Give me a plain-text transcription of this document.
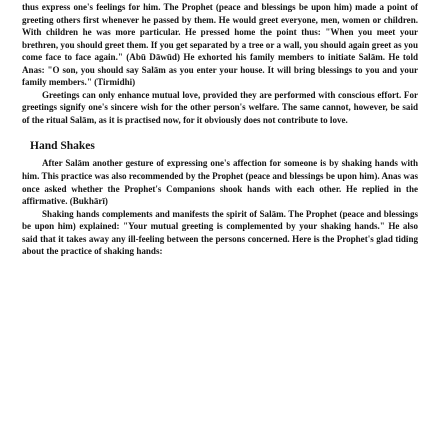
thus express one's feelings for him. The Prophet (peace and blessings be upon him) made a point of greeting others first whenever he passed by them. He would greet everyone, men, women or children. With children he was more particular. He pressed home the point thus: "When you meet your brethren, you should greet them. If you get separated by a tree or a wall, you should again greet as you come face to face again." (Abū Dāwūd) He exhorted his family members to initiate Salām. He told Anas: "O son, you should say Salām as you enter your house. It will bring blessings to you and your family members." (Tirmidhi)

Greetings can only enhance mutual love, provided they are performed with conscious effort. For greetings signify one's sincere wish for the other person's welfare. The same cannot, however, be said of the ritual Salām, as it is practised now, for it obviously does not contribute to love.

Hand Shakes

After Salām another gesture of expressing one's affection for someone is by shaking hands with him. This practice was also recommended by the Prophet (peace and blessings be upon him). Anas was once asked whether the Prophet's Companions shook hands with each other. He replied in the affirmative. (Bukhārī)

Shaking hands complements and manifests the spirit of Salām. The Prophet (peace and blessings be upon him) explained: "Your mutual greeting is complemented by your shaking hands." He also said that it takes away any ill-feeling between the persons concerned. Here is the Prophet's glad tiding about the practice of shaking hands:
